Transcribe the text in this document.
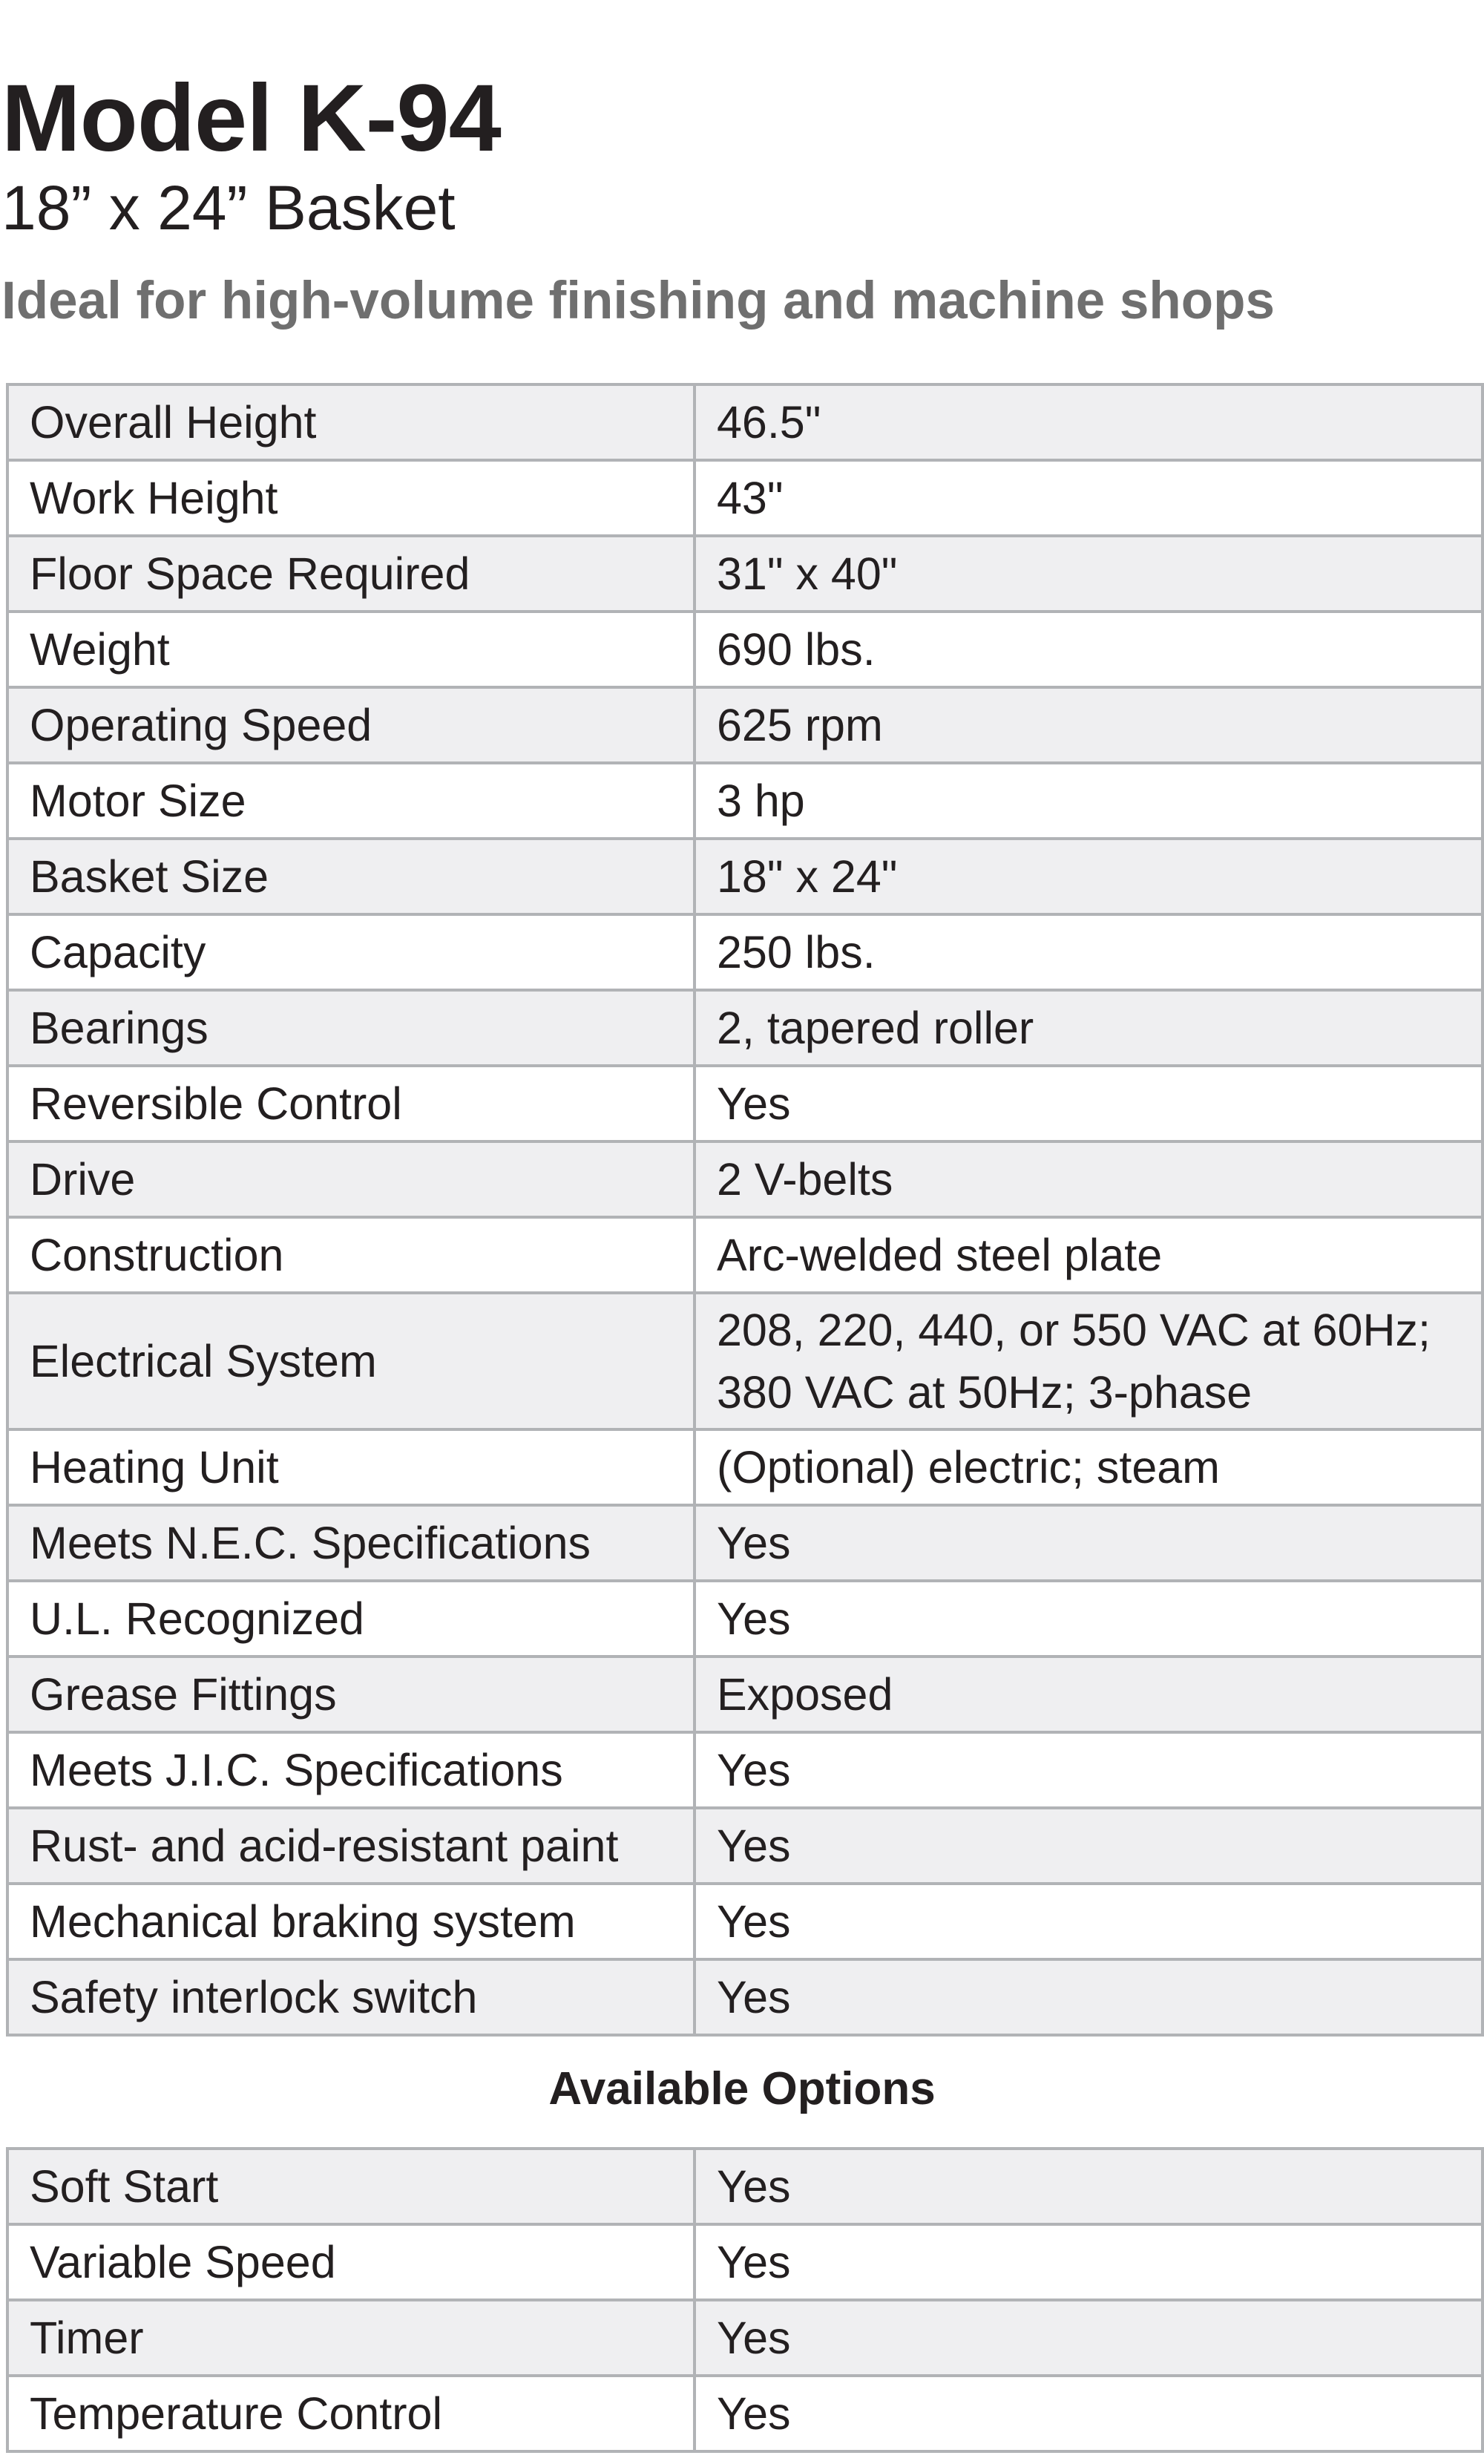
Model K-94
18” x 24” Basket

Ideal for high-volume finishing and machine shops

Overall Height	46.5"
Work Height	43"
Floor Space Required	31" x 40"
Weight	690 lbs.
Operating Speed	625 rpm
Motor Size	3 hp
Basket Size	18" x 24"
Capacity	250 lbs.
Bearings	2, tapered roller
Reversible Control	Yes
Drive	2 V-belts
Construction	Arc-welded steel plate
Electrical System	208, 220, 440, or 550 VAC at 60Hz; 380 VAC at 50Hz; 3-phase
Heating Unit	(Optional) electric; steam
Meets N.E.C. Specifications	Yes
U.L. Recognized	Yes
Grease Fittings	Exposed
Meets J.I.C. Specifications	Yes
Rust- and acid-resistant paint	Yes
Mechanical braking system	Yes
Safety interlock switch	Yes
Available Options
Soft Start	Yes
Variable Speed	Yes
Timer	Yes
Temperature Control	Yes
